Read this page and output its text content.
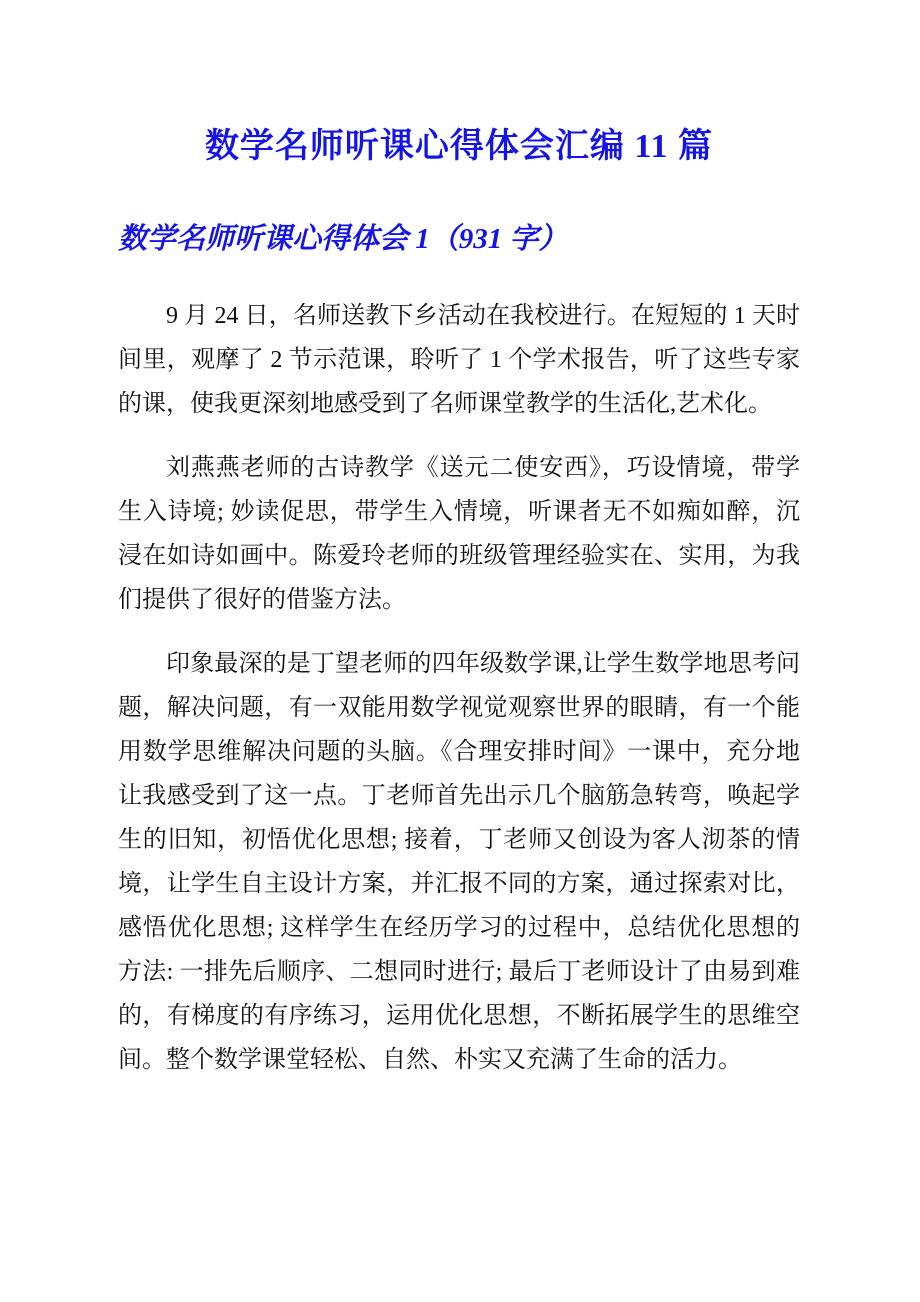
数学名师听课心得体会汇编 11 篇
数学名师听课心得体会 1（931 字）

9 月 24 日，名师送教下乡活动在我校进行。在短短的 1 天时间里，观摩了 2 节示范课，聆听了 1 个学术报告，听了这些专家的课，使我更深刻地感受到了名师课堂教学的生活化,艺术化。

刘燕燕老师的古诗教学《送元二使安西》，巧设情境，带学生入诗境; 妙读促思，带学生入情境，听课者无不如痴如醉，沉浸在如诗如画中。陈爱玲老师的班级管理经验实在、实用，为我们提供了很好的借鉴方法。

印象最深的是丁望老师的四年级数学课,让学生数学地思考问题，解决问题，有一双能用数学视觉观察世界的眼睛，有一个能用数学思维解决问题的头脑。《合理安排时间》一课中，充分地让我感受到了这一点。丁老师首先出示几个脑筋急转弯，唤起学生的旧知，初悟优化思想; 接着，丁老师又创设为客人沏茶的情境，让学生自主设计方案，并汇报不同的方案，通过探索对比，感悟优化思想; 这样学生在经历学习的过程中，总结优化思想的方法: 一排先后顺序、二想同时进行; 最后丁老师设计了由易到难的，有梯度的有序练习，运用优化思想，不断拓展学生的思维空间。整个数学课堂轻松、自然、朴实又充满了生命的活力。
